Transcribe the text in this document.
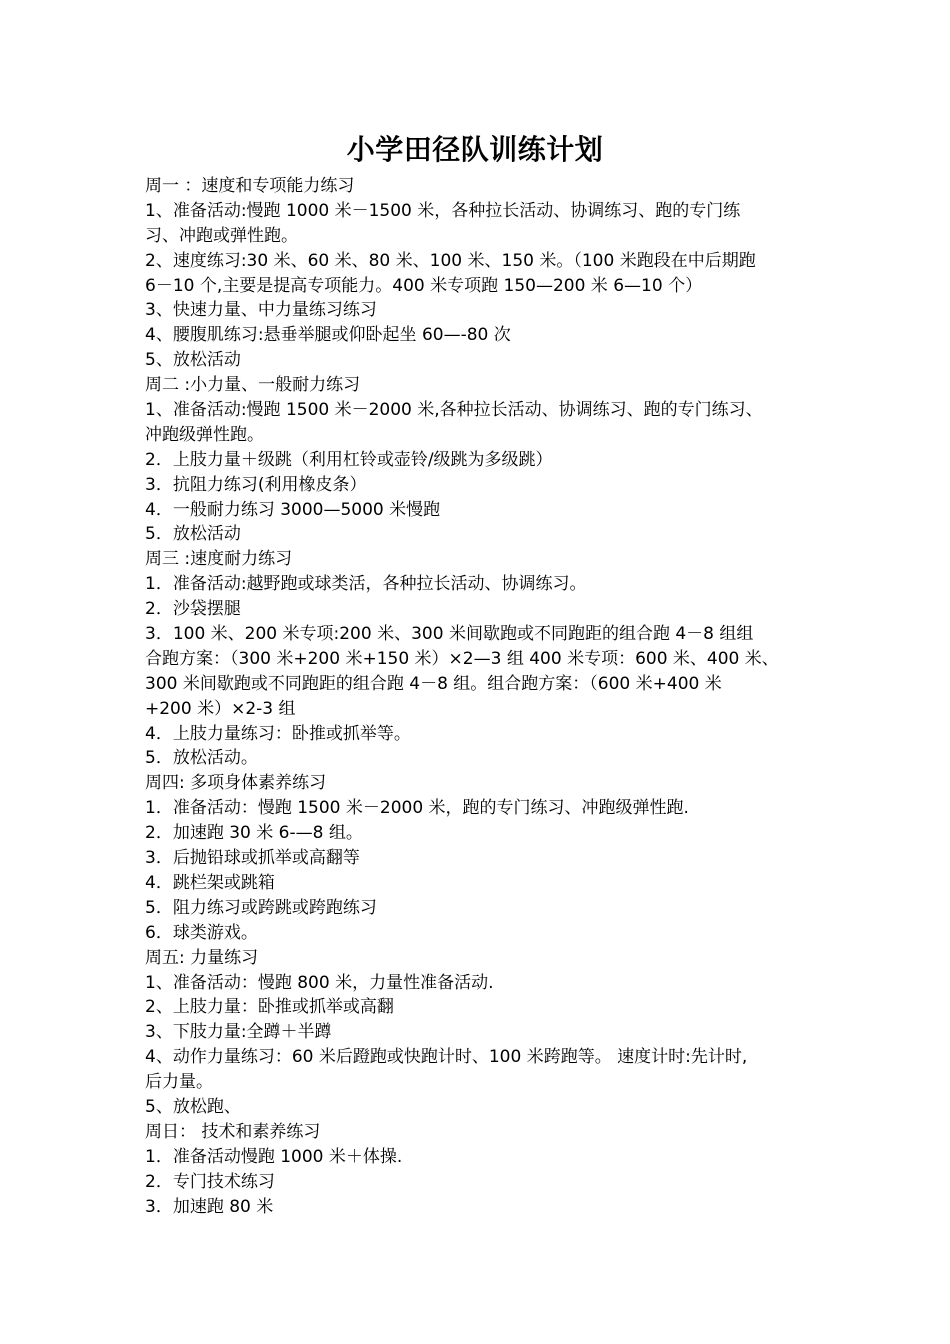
小学田径队训练计划
周一 ：速度和专项能力练习
1、准备活动:慢跑 1000 米－1500 米，各种拉长活动、协调练习、跑的专门练
习、冲跑或弹性跑。
2、速度练习:30 米、60 米、80 米、100 米、150 米。（100 米跑段在中后期跑
6－10 个,主要是提高专项能力。400 米专项跑 150—200 米 6—10 个）
3、快速力量、中力量练习练习
4、腰腹肌练习:悬垂举腿或仰卧起坐 60—-80 次
5、放松活动
周二 :小力量、一般耐力练习
1、准备活动:慢跑 1500 米－2000 米,各种拉长活动、协调练习、跑的专门练习、
冲跑级弹性跑。
2．上肢力量＋级跳（利用杠铃或壶铃/级跳为多级跳）
3．抗阻力练习(利用橡皮条）
4．一般耐力练习 3000—5000 米慢跑
5．放松活动
周三 :速度耐力练习
1．准备活动:越野跑或球类活，各种拉长活动、协调练习。
2．沙袋摆腿
3．100 米、200 米专项:200 米、300 米间歇跑或不同跑距的组合跑 4－8 组组
合跑方案：（300 米+200 米+150 米）×2—3 组 400 米专项：600 米、400 米、
300 米间歇跑或不同跑距的组合跑 4－8 组。组合跑方案：（600 米+400 米
+200 米）×2-3 组
4．上肢力量练习：卧推或抓举等。
5．放松活动。
周四: 多项身体素养练习
1．准备活动：慢跑 1500 米－2000 米，跑的专门练习、冲跑级弹性跑.
2．加速跑 30 米 6-—8 组。
3．后抛铅球或抓举或高翻等
4．跳栏架或跳箱
5．阻力练习或跨跳或跨跑练习
6．球类游戏。
周五: 力量练习
1、准备活动：慢跑 800 米，力量性准备活动.
2、上肢力量：卧推或抓举或高翻
3、下肢力量:全蹲＋半蹲
4、动作力量练习：60 米后蹬跑或快跑计时、100 米跨跑等。 速度计时:先计时,
后力量。
5、放松跑、
周日： 技术和素养练习
1．准备活动慢跑 1000 米＋体操.
2．专门技术练习
3．加速跑 80 米
